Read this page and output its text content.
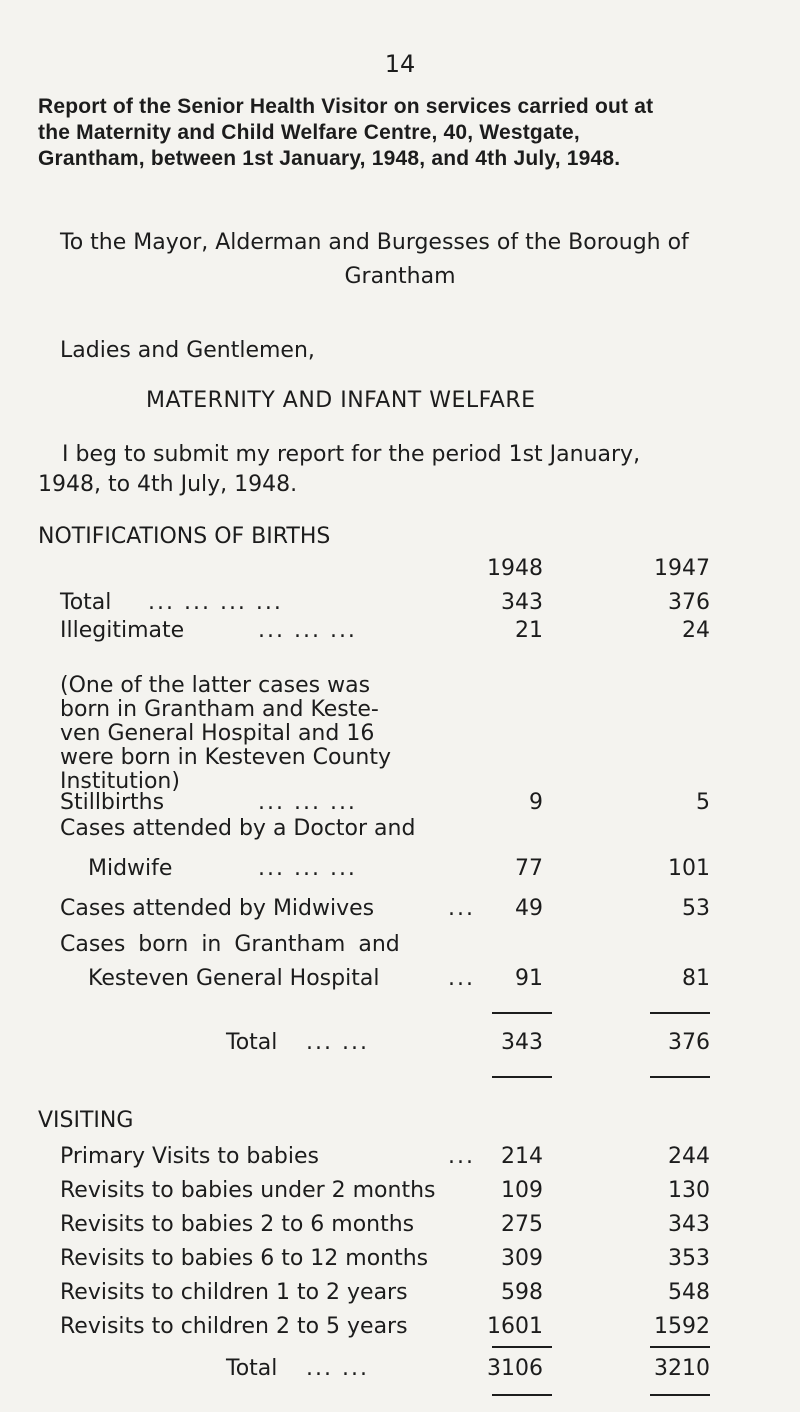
14
Report of the Senior Health Visitor on services carried out at
the Maternity and Child Welfare Centre, 40, Westgate,
Grantham, between 1st January, 1948, and 4th July, 1948.
To the Mayor, Alderman and Burgesses of the Borough of
Grantham
Ladies and Gentlemen,
MATERNITY AND INFANT WELFARE
I beg to submit my report for the period 1st January,
1948, to 4th July, 1948.
NOTIFICATIONS OF BIRTHS
1948	1947
Total ... ... ... ...	343	376
Illegitimate	... ... ...	21	24
(One of the latter cases was
born in Grantham and Keste-
ven General Hospital and 16
were born in Kesteven County
Institution)
Stillbirths	... ... ...	9	5
Cases attended by a Doctor and
Midwife	... ... ...	77	101
Cases attended by Midwives	... 49	53
Cases born in Grantham and
Kesteven General Hospital	... 91	81
Total ... ...	343	376
VISITING
Primary Visits to babies	... 214	244
Revisits to babies under 2 months	109	130
Revisits to babies 2 to 6 months	275	343
Revisits to babies 6 to 12 months	309	353
Revisits to children 1 to 2 years	598	548
Revisits to children 2 to 5 years	1601	1592
Total ... ...	3106	3210
